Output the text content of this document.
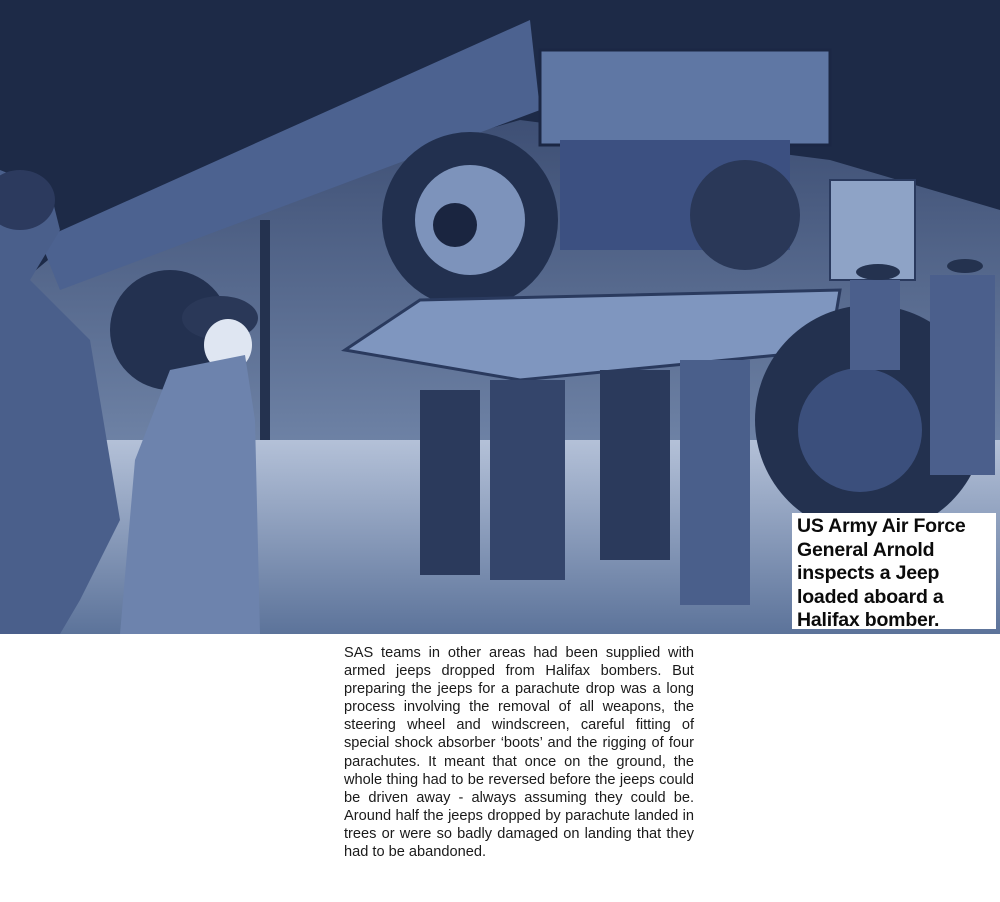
US Army Air Force
General Arnold
inspects a Jeep
loaded aboard a
Halifax bomber.
SAS teams in other areas had been supplied with armed jeeps dropped from Halifax bombers. But preparing the jeeps for a parachute drop was a long process involving the removal of all weapons, the steering wheel and windscreen, careful fitting of special shock absorber ‘boots’ and the rigging of four parachutes. It meant that once on the ground, the whole thing had to be reversed before the jeeps could be driven away - always assuming they could be. Around half the jeeps dropped by parachute landed in trees or were so badly damaged on landing that they had to be abandoned.
